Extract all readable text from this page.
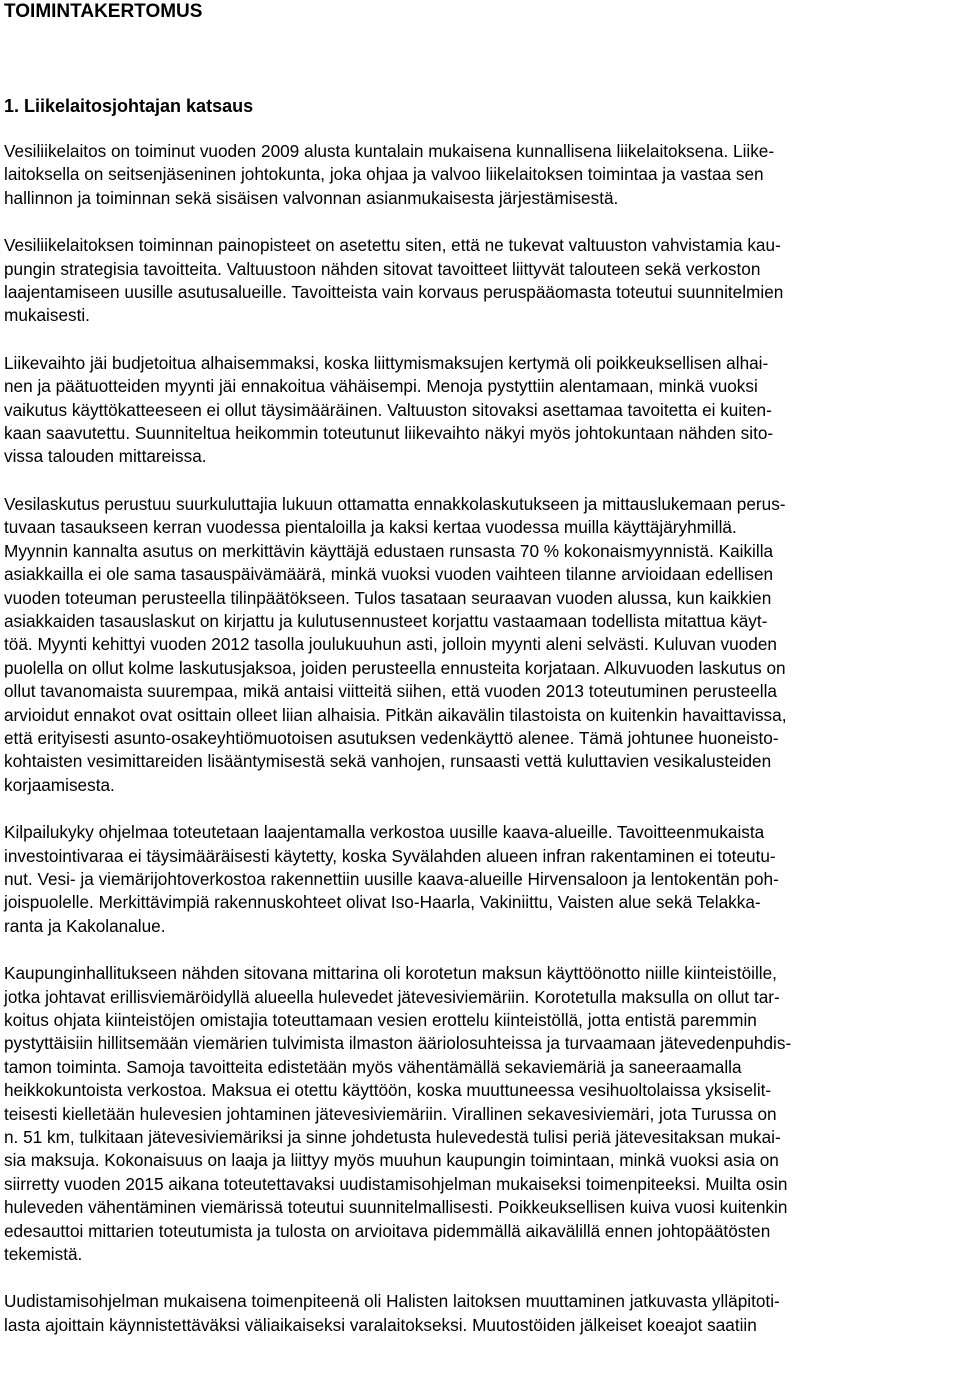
TOIMINTAKERTOMUS
1. Liikelaitosjohtajan katsaus

Vesiliikelaitos on toiminut vuoden 2009 alusta kuntalain mukaisena kunnallisena liikelaitoksena. Liike-
laitoksella on seitsenjäseninen johtokunta, joka ohjaa ja valvoo liikelaitoksen toimintaa ja vastaa sen
hallinnon ja toiminnan sekä sisäisen valvonnan asianmukaisesta järjestämisestä.

Vesiliikelaitoksen toiminnan painopisteet on asetettu siten, että ne tukevat valtuuston vahvistamia kau-
pungin strategisia tavoitteita. Valtuustoon nähden sitovat tavoitteet liittyvät talouteen sekä verkoston
laajentamiseen uusille asutusalueille. Tavoitteista vain korvaus peruspääomasta toteutui suunnitelmien
mukaisesti.

Liikevaihto jäi budjetoitua alhaisemmaksi, koska liittymismaksujen kertymä oli poikkeuksellisen alhai-
nen ja päätuotteiden myynti jäi ennakoitua vähäisempi. Menoja pystyttiin alentamaan, minkä vuoksi
vaikutus käyttökatteeseen ei ollut täysimääräinen. Valtuuston sitovaksi asettamaa tavoitetta ei kuiten-
kaan saavutettu. Suunniteltua heikommin toteutunut liikevaihto näkyi myös johtokuntaan nähden sito-
vissa talouden mittareissa.

Vesilaskutus perustuu suurkuluttajia lukuun ottamatta ennakkolaskutukseen ja mittauslukemaan perus-
tuvaan tasaukseen kerran vuodessa pientaloilla ja kaksi kertaa vuodessa muilla käyttäjäryhmillä.
Myynnin kannalta asutus on merkittävin käyttäjä edustaen runsasta 70 % kokonaismyynnistä. Kaikilla
asiakkailla ei ole sama tasauspäivämäärä, minkä vuoksi vuoden vaihteen tilanne arvioidaan edellisen
vuoden toteuman perusteella tilinpäätökseen. Tulos tasataan seuraavan vuoden alussa, kun kaikkien
asiakkaiden tasauslaskut on kirjattu ja kulutusennusteet korjattu vastaamaan todellista mitattua käyt-
töä. Myynti kehittyi vuoden 2012 tasolla joulukuuhun asti, jolloin myynti aleni selvästi. Kuluvan vuoden
puolella on ollut kolme laskutusjaksoa, joiden perusteella ennusteita korjataan. Alkuvuoden laskutus on
ollut tavanomaista suurempaa, mikä antaisi viitteitä siihen, että vuoden 2013 toteutuminen perusteella
arvioidut ennakot ovat osittain olleet liian alhaisia. Pitkän aikavälin tilastoista on kuitenkin havaittavissa,
että erityisesti asunto-osakeyhtiömuotoisen asutuksen vedenkäyttö alenee. Tämä johtunee huoneisto-
kohtaisten vesimittareiden lisääntymisestä sekä vanhojen, runsaasti vettä kuluttavien vesikalusteiden
korjaamisesta.

Kilpailukyky ohjelmaa toteutetaan laajentamalla verkostoa uusille kaava-alueille. Tavoitteenmukaista
investointivaraa ei täysimääräisesti käytetty, koska Syvälahden alueen infran rakentaminen ei toteutu-
nut. Vesi- ja viemärijohtoverkostoa rakennettiin uusille kaava-alueille Hirvensaloon ja lentokentän poh-
joispuolelle. Merkittävimpiä rakennuskohteet olivat Iso-Haarla, Vakiniittu, Vaisten alue sekä Telakka-
ranta ja Kakolanalue.

Kaupunginhallitukseen nähden sitovana mittarina oli korotetun maksun käyttöönotto niille kiinteistöille,
jotka johtavat erillisviemäröidyllä alueella hulevedet jätevesiviemäriin. Korotetulla maksulla on ollut tar-
koitus ohjata kiinteistöjen omistajia toteuttamaan vesien erottelu kiinteistöllä, jotta entistä paremmin
pystyttäisiin hillitsemään viemärien tulvimista ilmaston ääriolosuhteissa ja turvaamaan jätevedenpuhdis-
tamon toiminta. Samoja tavoitteita edistetään myös vähentämällä sekaviemäriä ja saneeraamalla
heikkokuntoista verkostoa. Maksua ei otettu käyttöön, koska muuttuneessa vesihuoltolaissa yksiselit-
teisesti kielletään hulevesien johtaminen jätevesiviemäriin. Virallinen sekavesiviemäri, jota Turussa on
n. 51 km, tulkitaan jätevesiviemäriksi ja sinne johdetusta hulevedestä tulisi periä jätevesitaksan mukai-
sia maksuja. Kokonaisuus on laaja ja liittyy myös muuhun kaupungin toimintaan, minkä vuoksi asia on
siirretty vuoden 2015 aikana toteutettavaksi uudistamisohjelman mukaiseksi toimenpiteeksi. Muilta osin
huleveden vähentäminen viemärissä toteutui suunnitelmallisesti. Poikkeuksellisen kuiva vuosi kuitenkin
edesauttoi mittarien toteutumista ja tulosta on arvioitava pidemmällä aikavälillä ennen johtopäätösten
tekemistä.

Uudistamisohjelman mukaisena toimenpiteenä oli Halisten laitoksen muuttaminen jatkuvasta ylläpitoti-
lasta ajoittain käynnistettäväksi väliaikaiseksi varalaitokseksi. Muutostöiden jälkeiset koeajot saatiin
